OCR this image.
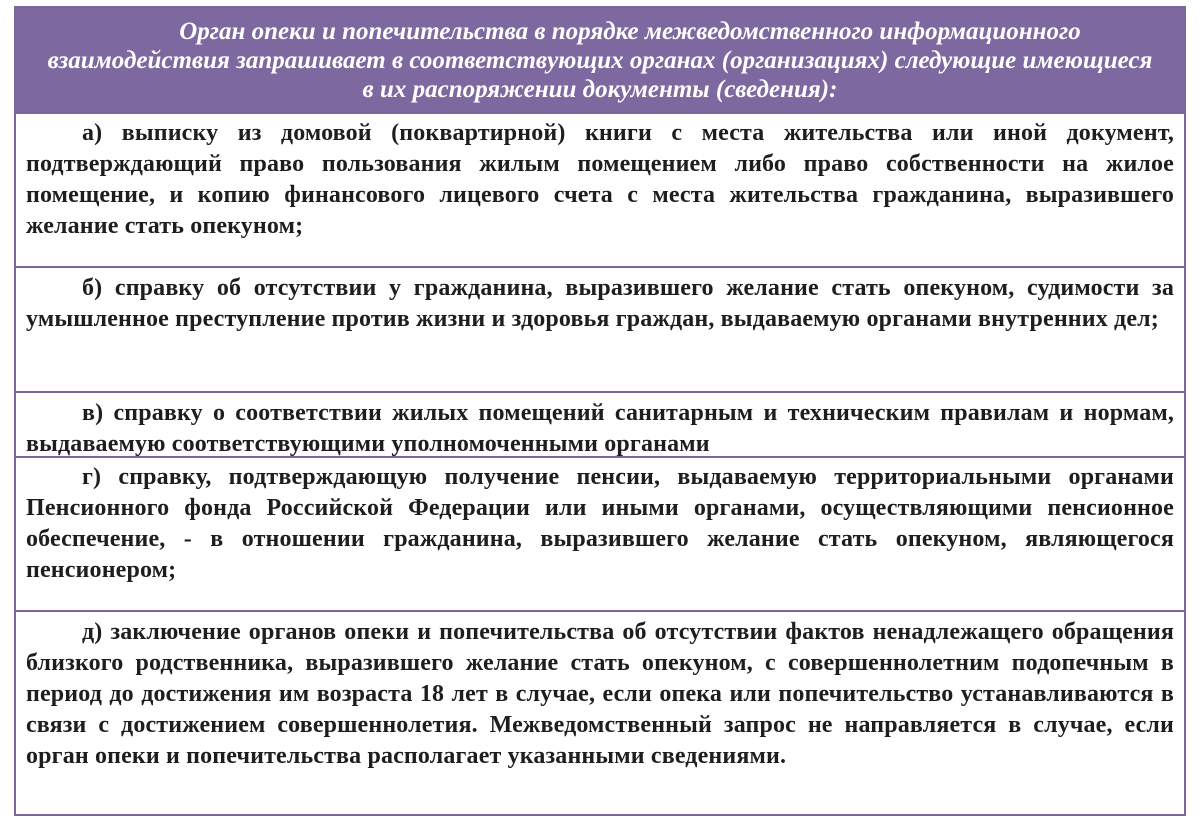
Орган опеки и попечительства в порядке межведомственного информационного взаимодействия запрашивает в соответствующих органах (организациях) следующие имеющиеся в их распоряжении документы (сведения):
а) выписку из домовой (поквартирной) книги с места жительства или иной документ, подтверждающий право пользования жилым помещением либо право собственности на жилое помещение, и копию финансового лицевого счета с места жительства гражданина, выразившего желание стать опекуном;
б) справку об отсутствии у гражданина, выразившего желание стать опекуном, судимости за умышленное преступление против жизни и здоровья граждан, выдаваемую органами внутренних дел;
в) справку о соответствии жилых помещений санитарным и техническим правилам и нормам, выдаваемую соответствующими уполномоченными органами
г) справку, подтверждающую получение пенсии, выдаваемую территориальными органами Пенсионного фонда Российской Федерации или иными органами, осуществляющими пенсионное обеспечение, - в отношении гражданина, выразившего желание стать опекуном, являющегося пенсионером;
д) заключение органов опеки и попечительства об отсутствии фактов ненадлежащего обращения близкого родственника, выразившего желание стать опекуном, с совершеннолетним подопечным в период до достижения им возраста 18 лет в случае, если опека или попечительство устанавливаются в связи с достижением совершеннолетия. Межведомственный запрос не направляется в случае, если орган опеки и попечительства располагает указанными сведениями.
